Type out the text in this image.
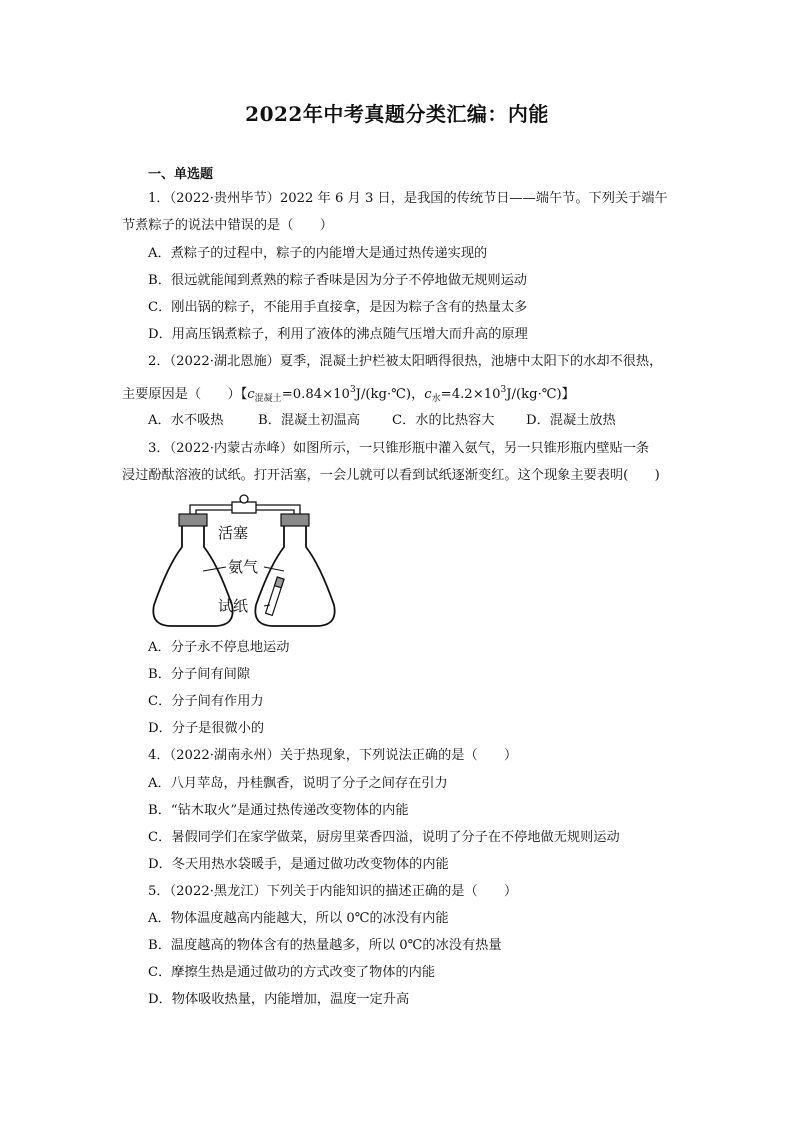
2022年中考真题分类汇编：内能
一、单选题
1．（2022·贵州毕节）2022 年 6 月 3 日，是我国的传统节日——端午节。下列关于端午
节煮粽子的说法中错误的是（　　）
A．煮粽子的过程中，粽子的内能增大是通过热传递实现的
B．很远就能闻到煮熟的粽子香味是因为分子不停地做无规则运动
C．刚出锅的粽子，不能用手直接拿，是因为粽子含有的热量太多
D．用高压锅煮粽子，利用了液体的沸点随气压增大而升高的原理
2．（2022·湖北恩施）夏季，混凝土护栏被太阳晒得很热，池塘中太阳下的水却不很热，
主要原因是（　　）【$c_{混凝土}=0.84\times 10^3J/(kg\cdot℃)$，$c_水=4.2\times 10^3J/(kg\cdot℃)$】
A．水不吸热	B．混凝土初温高 C．水的比热容大 D．混凝土放热
3．（2022·内蒙古赤峰）如图所示，一只锥形瓶中灌入氨气，另一只锥形瓶内壁贴一条
浸过酚酞溶液的试纸。打开活塞，一会儿就可以看到试纸逐渐变红。这个现象主要表明(　　)
活塞
氨气
试纸
A．分子永不停息地运动
B．分子间有间隙
C．分子间有作用力
D．分子是很微小的
4．（2022·湖南永州）关于热现象，下列说法正确的是（　　）
A．八月苹岛，丹桂飘香，说明了分子之间存在引力
B．“钻木取火”是通过热传递改变物体的内能
C．暑假同学们在家学做菜，厨房里菜香四溢，说明了分子在不停地做无规则运动
D．冬天用热水袋暖手，是通过做功改变物体的内能
5．（2022·黑龙江）下列关于内能知识的描述正确的是（　　）
A．物体温度越高内能越大，所以 0℃的冰没有内能
B．温度越高的物体含有的热量越多，所以 0℃的冰没有热量
C．摩擦生热是通过做功的方式改变了物体的内能
D．物体吸收热量，内能增加，温度一定升高
